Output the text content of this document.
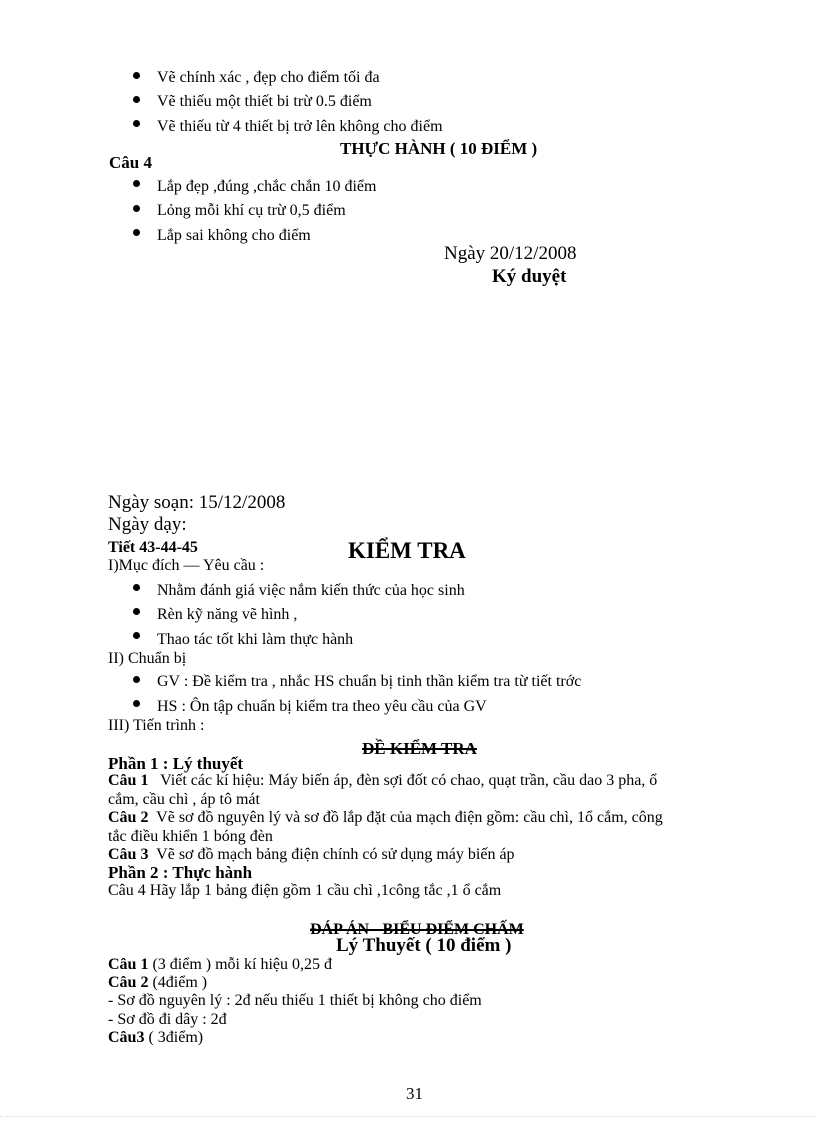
Vẽ chính xác , đẹp cho điểm tối đa
Vẽ thiếu một thiết bi trừ 0.5 điểm
Vẽ thiếu từ 4 thiết bị trở lên không cho điểm
THỰC HÀNH ( 10 ĐIỂM )
Câu 4
Lắp đẹp ,đúng ,chắc chắn 10 điểm
Lỏng mỗi khí cụ trừ 0,5 điểm
Lắp sai không cho điểm
Ngày 20/12/2008
Ký duyệt
Ngày soạn: 15/12/2008
Ngày dạy:
Tiết 43-44-45	KIỂM TRA
I)Mục đích — Yêu cầu :
Nhằm đánh giá việc nắm kiến thức của học sinh
Rèn kỹ năng vẽ hình ,
Thao tác tốt khi làm thực hành
II) Chuẩn bị
GV : Đề kiểm tra , nhắc HS chuẩn bị tinh thần kiểm tra từ tiết trớc
HS : Ôn tập chuẩn bị kiểm tra theo yêu cầu của GV
III) Tiến trình :
ĐỀ KIỂM TRA
Phần 1 : Lý thuyết
Câu 1 Viết các kí hiệu: Máy biến áp, đèn sợi đốt có chao, quạt trần, cầu dao 3 pha, ổ
cắm, cầu chì , áp tô mát
Câu 2 Vẽ sơ đồ nguyên lý và sơ đồ lắp đặt của mạch điện gồm: cầu chì, 1ổ cắm, công
tắc điều khiển 1 bóng đèn
Câu 3 Vẽ sơ đồ mạch bảng điện chính có sử dụng máy biến áp
Phần 2 : Thực hành
Câu 4 Hãy lắp 1 bảng điện gồm 1 cầu chì ,1công tắc ,1 ổ cắm
ĐÁP ÁN - BIỂU ĐIỂM CHẤM
Lý Thuyết ( 10 điểm )
Câu 1 (3 điểm ) mỗi kí hiệu 0,25 đ
Câu 2 (4điểm )
- Sơ đồ nguyên lý : 2đ nếu thiếu 1 thiết bị không cho điểm
- Sơ đồ đi dây : 2đ
Câu3 ( 3điểm)
31
